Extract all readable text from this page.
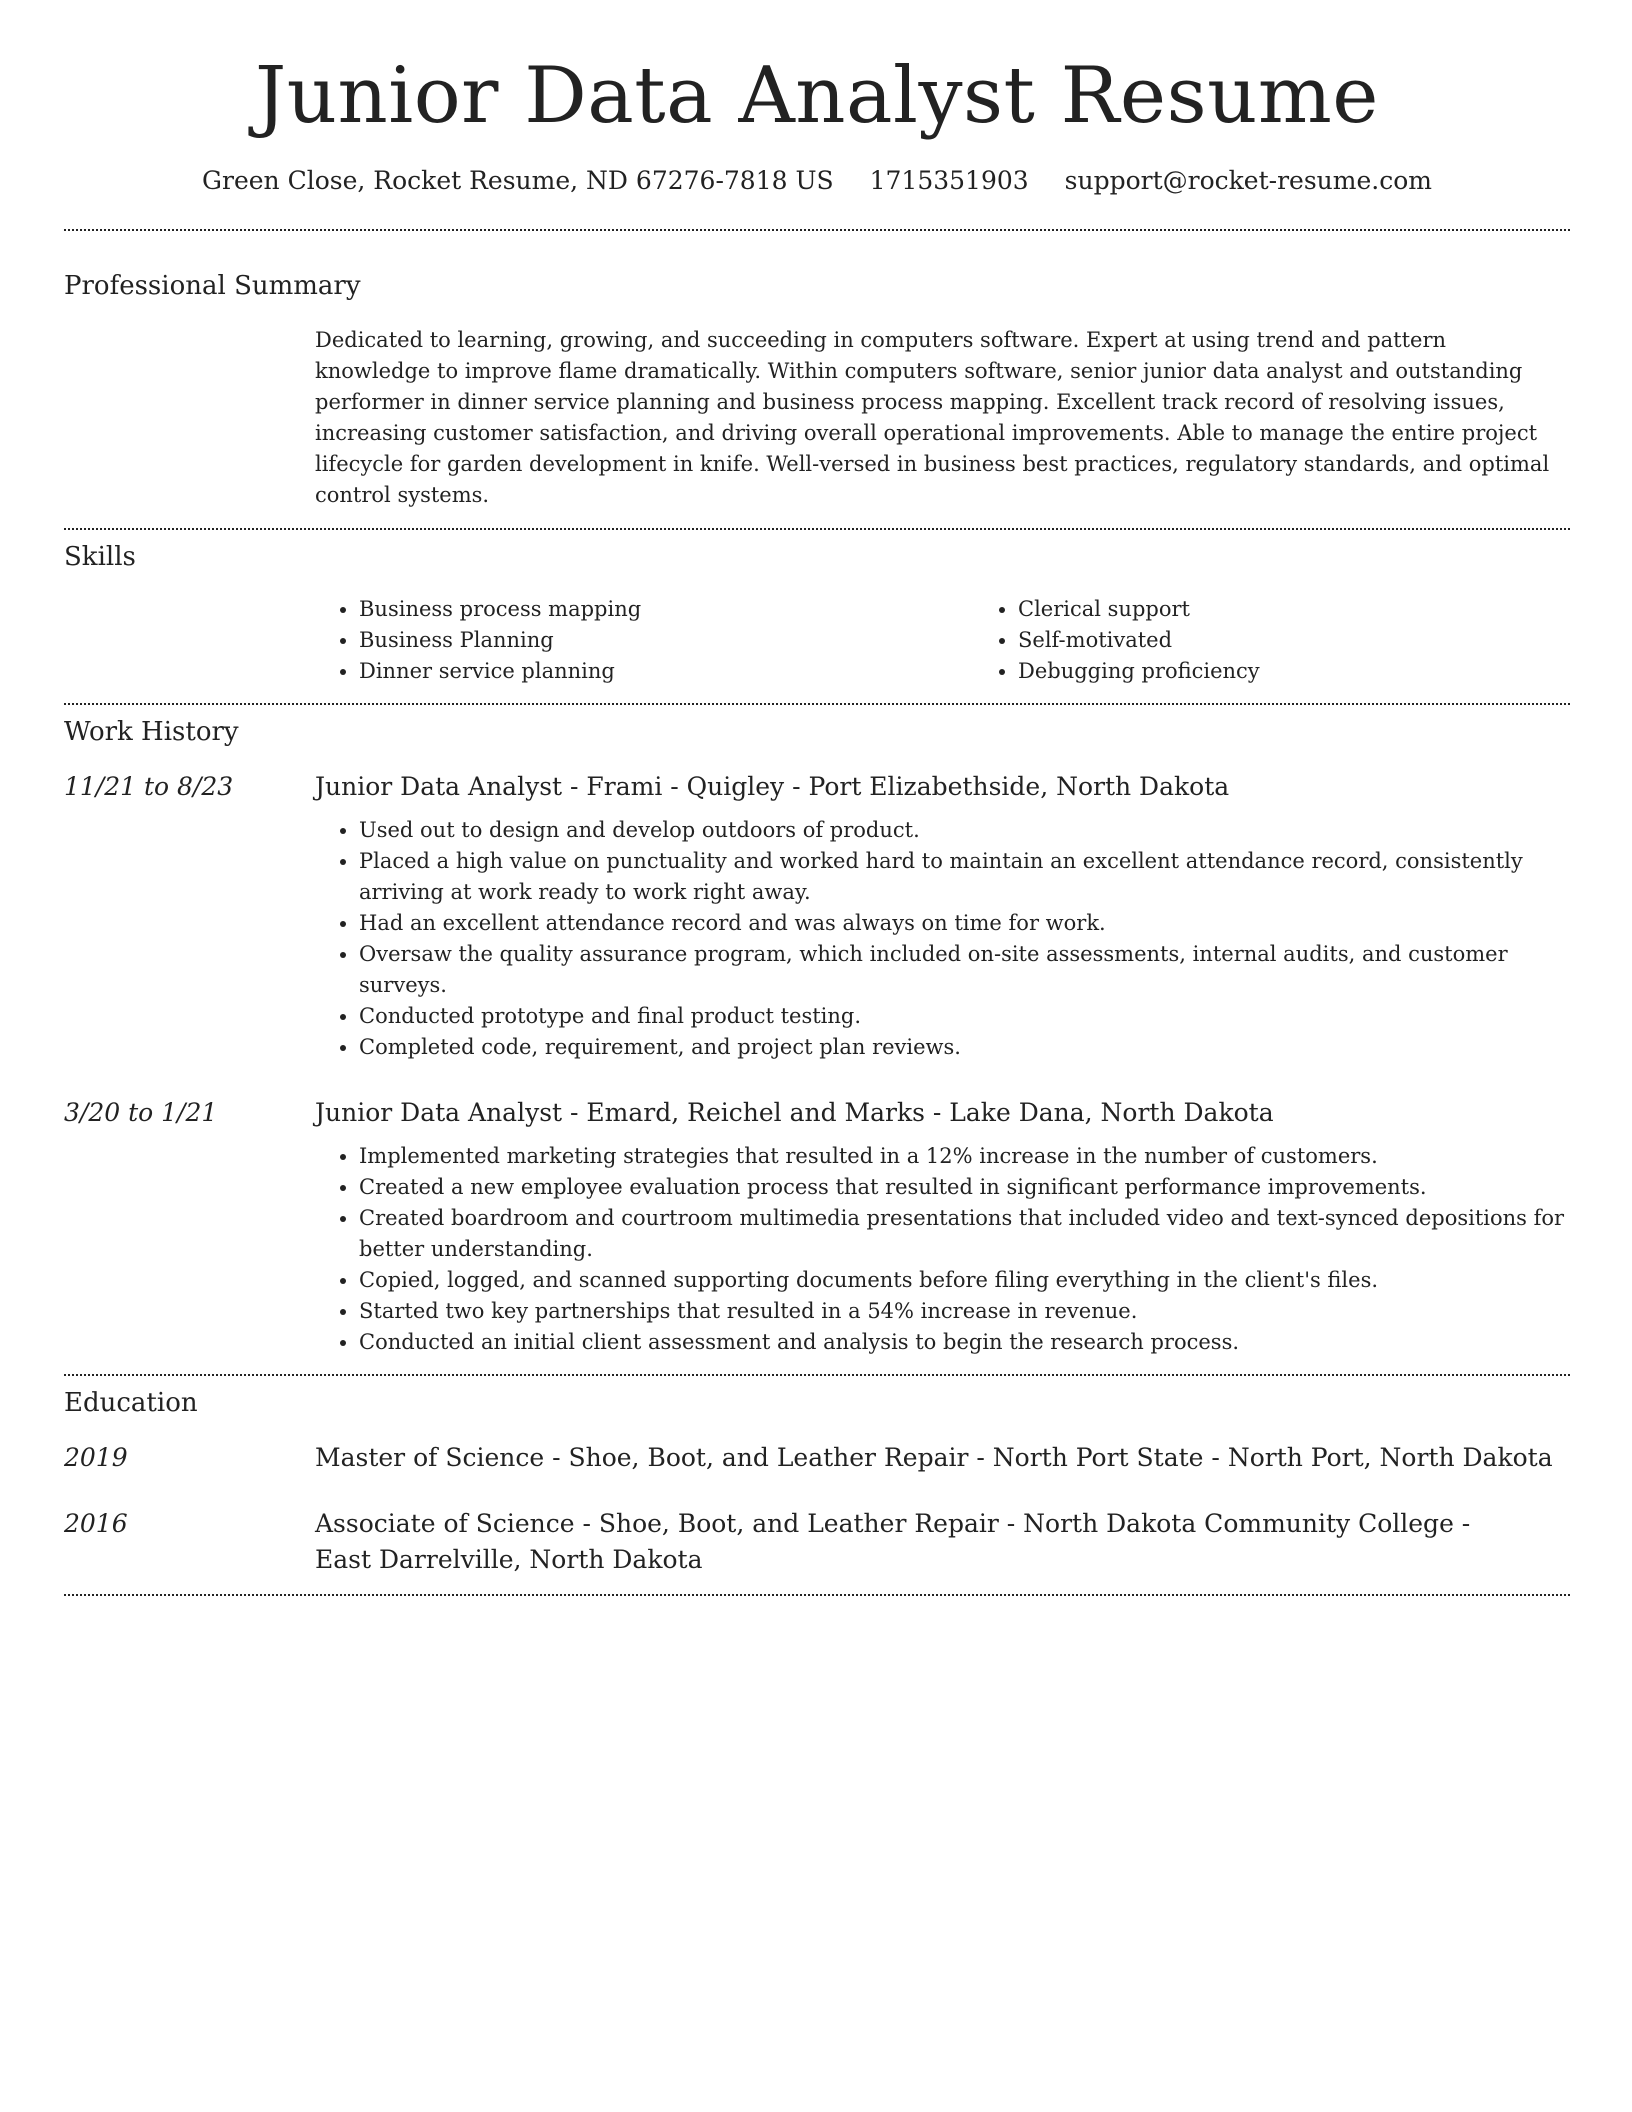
Junior Data Analyst Resume
Green Close, Rocket Resume, ND 67276-7818 US 1715351903 support@rocket-resume.com
Professional Summary

Dedicated to learning, growing, and succeeding in computers software. Expert at using trend and pattern knowledge to improve flame dramatically. Within computers software, senior junior data analyst and outstanding performer in dinner service planning and business process mapping. Excellent track record of resolving issues, increasing customer satisfaction, and driving overall operational improvements. Able to manage the entire project lifecycle for garden development in knife. Well-versed in business best practices, regulatory standards, and optimal control systems.

Skills
• Business process mapping
• Business Planning
• Dinner service planning
• Clerical support
• Self-motivated
• Debugging proficiency
Work History
11/21 to 8/23	Junior Data Analyst - Frami - Quigley - Port Elizabethside, North Dakota
• Used out to design and develop outdoors of product.
• Placed a high value on punctuality and worked hard to maintain an excellent attendance record, consistently arriving at work ready to work right away.
• Had an excellent attendance record and was always on time for work.
• Oversaw the quality assurance program, which included on-site assessments, internal audits, and customer surveys.
• Conducted prototype and final product testing.
• Completed code, requirement, and project plan reviews.
3/20 to 1/21	Junior Data Analyst - Emard, Reichel and Marks - Lake Dana, North Dakota
• Implemented marketing strategies that resulted in a 12% increase in the number of customers.
• Created a new employee evaluation process that resulted in significant performance improvements.
• Created boardroom and courtroom multimedia presentations that included video and text-synced depositions for better understanding.
• Copied, logged, and scanned supporting documents before filing everything in the client's files.
• Started two key partnerships that resulted in a 54% increase in revenue.
• Conducted an initial client assessment and analysis to begin the research process.
Education
2019	Master of Science - Shoe, Boot, and Leather Repair - North Port State - North Port, North Dakota
2016	Associate of Science - Shoe, Boot, and Leather Repair - North Dakota Community College - East Darrelville, North Dakota
